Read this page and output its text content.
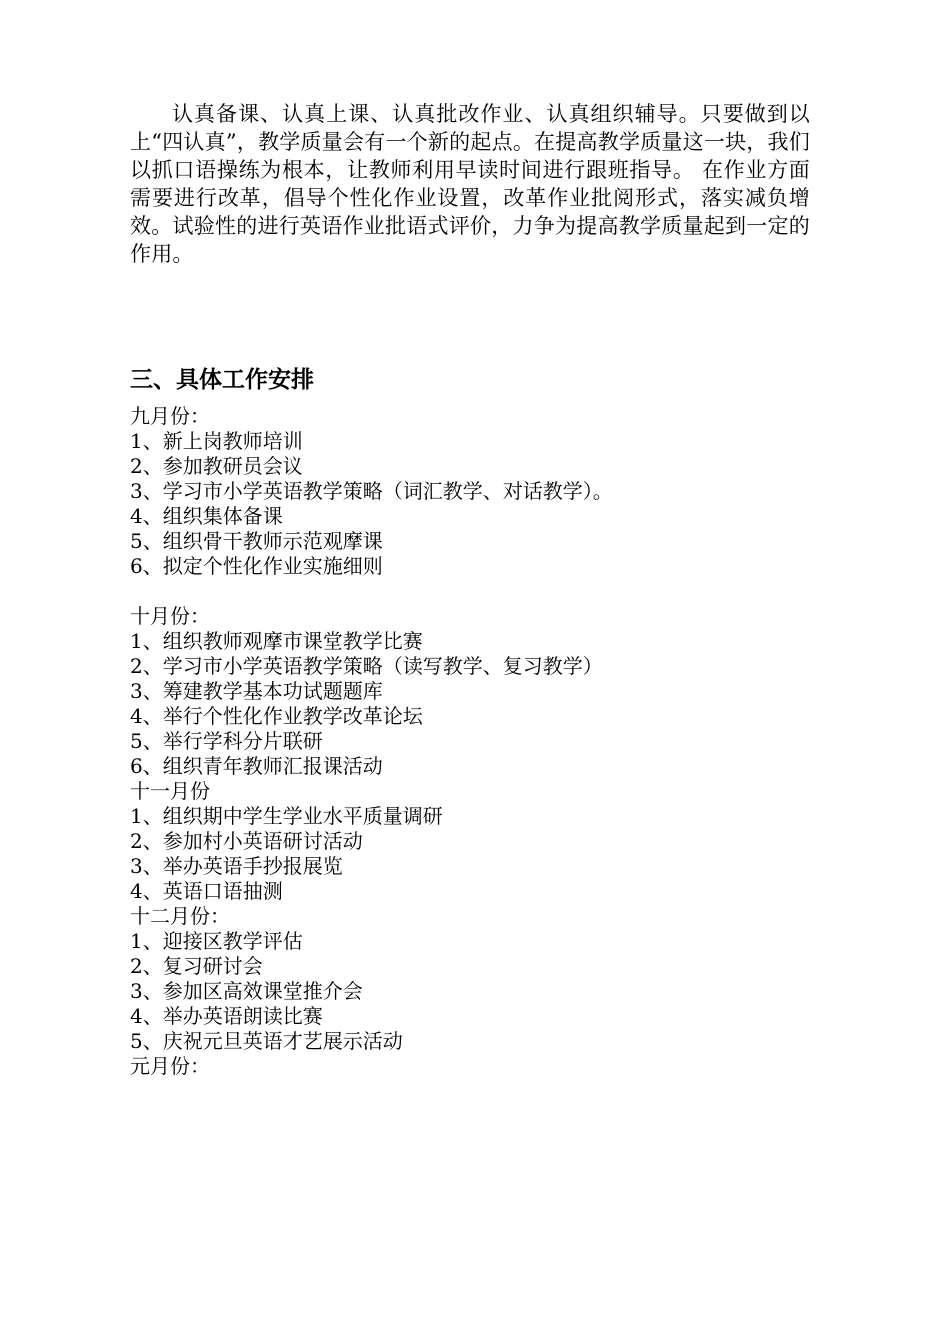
认真备课、认真上课、认真批改作业、认真组织辅导。只要做到以上“四认真”，教学质量会有一个新的起点。在提高教学质量这一块，我们以抓口语操练为根本，让教师利用早读时间进行跟班指导。 在作业方面需要进行改革，倡导个性化作业设置，改革作业批阅形式，落实减负增效。试验性的进行英语作业批语式评价，力争为提高教学质量起到一定的作用。

三、具体工作安排

九月份：

1、新上岗教师培训

2、参加教研员会议

3、学习市小学英语教学策略（词汇教学、对话教学）。

4、组织集体备课

5、组织骨干教师示范观摩课

6、拟定个性化作业实施细则

十月份：

1、组织教师观摩市课堂教学比赛

2、学习市小学英语教学策略（读写教学、复习教学）

3、筹建教学基本功试题题库

4、举行个性化作业教学改革论坛

5、举行学科分片联研

6、组织青年教师汇报课活动

十一月份

1、组织期中学生学业水平质量调研

2、参加村小英语研讨活动

3、举办英语手抄报展览

4、英语口语抽测

十二月份：

1、迎接区教学评估

2、复习研讨会

3、参加区高效课堂推介会

4、举办英语朗读比赛

5、庆祝元旦英语才艺展示活动

元月份：
